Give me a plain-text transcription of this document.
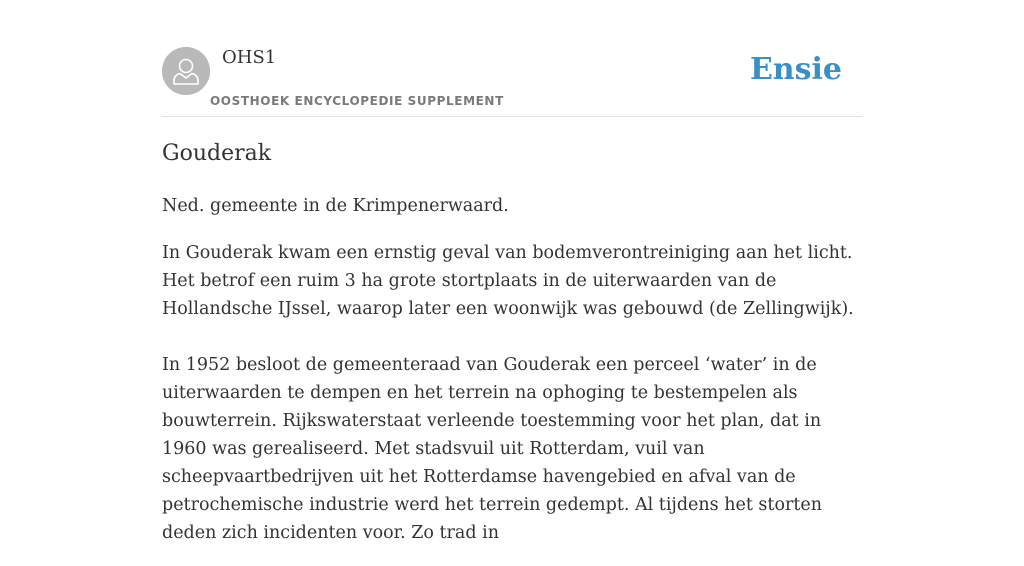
OHS1
OOSTHOEK ENCYCLOPEDIE SUPPLEMENT
Ensie
Gouderak

Ned. gemeente in de Krimpenerwaard.

In Gouderak kwam een ernstig geval van bodemverontreiniging aan het licht. Het betrof een ruim 3 ha grote stortplaats in de uiterwaarden van de Hollandsche IJssel, waarop later een woonwijk was gebouwd (de Zellingwijk).

In 1952 besloot de gemeenteraad van Gouderak een perceel ‘water’ in de uiterwaarden te dempen en het terrein na ophoging te bestempelen als bouwterrein. Rijkswaterstaat verleende toestemming voor het plan, dat in 1960 was gerealiseerd. Met stadsvuil uit Rotterdam, vuil van scheepvaartbedrijven uit het Rotterdamse havengebied en afval van de petrochemische industrie werd het terrein gedempt. Al tijdens het storten deden zich incidenten voor. Zo trad in
